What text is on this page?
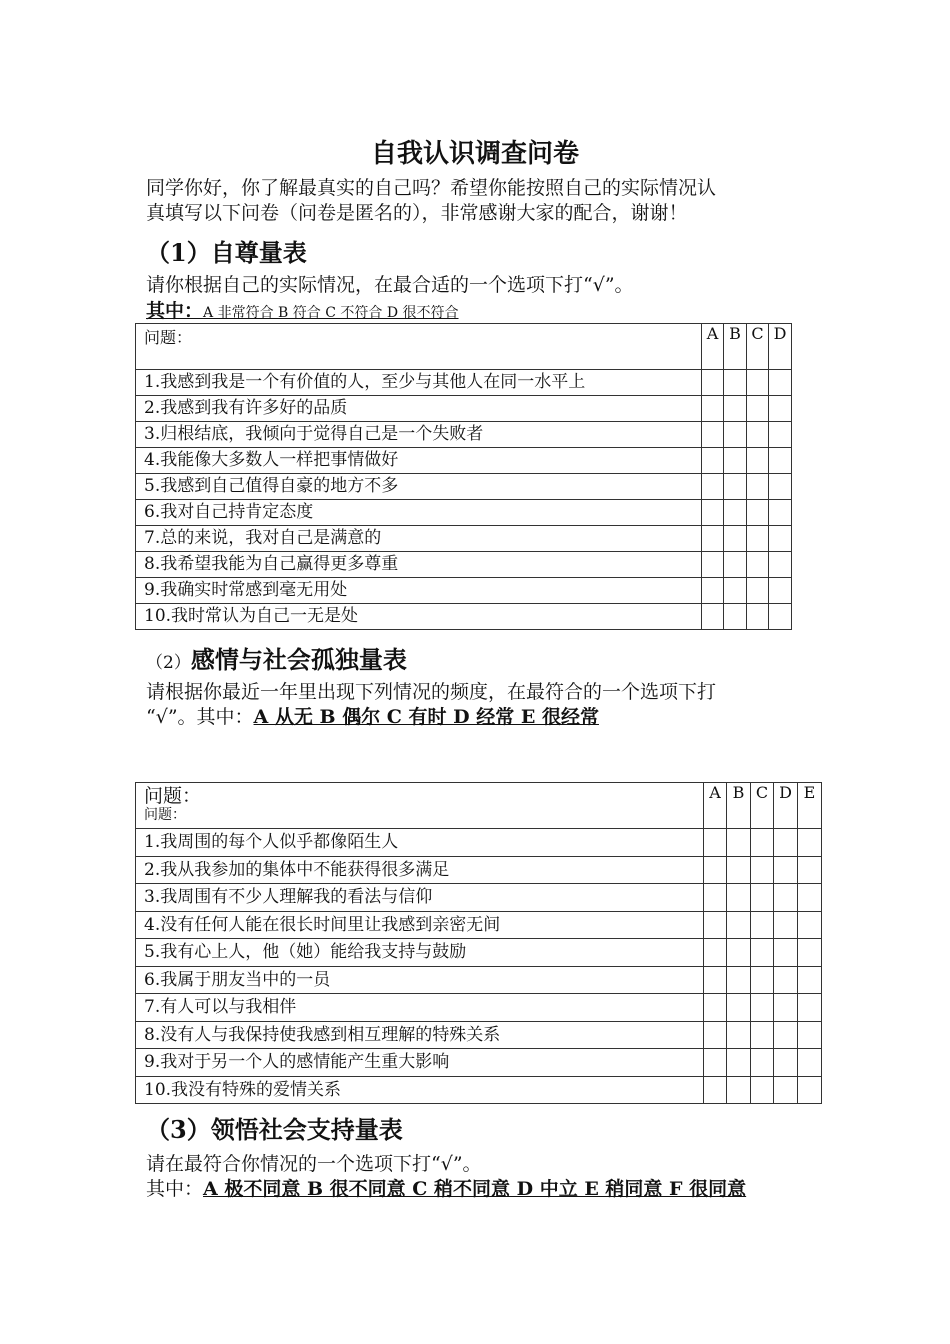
自我认识调查问卷
同学你好，你了解最真实的自己吗？希望你能按照自己的实际情况认
真填写以下问卷（问卷是匿名的），非常感谢大家的配合，谢谢！
（1）自尊量表
请你根据自己的实际情况，在最合适的一个选项下打“√”。
其中：A 非常符合 B 符合 C 不符合 D 很不符合
问题：	A	B	C	D
1.我感到我是一个有价值的人，至少与其他人在同一水平上				
2.我感到我有许多好的品质				
3.归根结底，我倾向于觉得自己是一个失败者				
4.我能像大多数人一样把事情做好				
5.我感到自己值得自豪的地方不多				
6.我对自己持肯定态度				
7.总的来说，我对自己是满意的				
8.我希望我能为自己赢得更多尊重				
9.我确实时常感到毫无用处				
10.我时常认为自己一无是处				
（2）感情与社会孤独量表
请根据你最近一年里出现下列情况的频度，在最符合的一个选项下打
“√”。其中：A 从无 B 偶尔 C 有时 D 经常 E 很经常
问题：
问题：	A	B	C	D	E
1.我周围的每个人似乎都像陌生人					
2.我从我参加的集体中不能获得很多满足					
3.我周围有不少人理解我的看法与信仰					
4.没有任何人能在很长时间里让我感到亲密无间					
5.我有心上人，他（她）能给我支持与鼓励					
6.我属于朋友当中的一员					
7.有人可以与我相伴					
8.没有人与我保持使我感到相互理解的特殊关系					
9.我对于另一个人的感情能产生重大影响					
10.我没有特殊的爱情关系					
（3）领悟社会支持量表
请在最符合你情况的一个选项下打“√”。
其中：A 极不同意 B 很不同意 C 稍不同意 D 中立 E 稍同意 F 很同意
